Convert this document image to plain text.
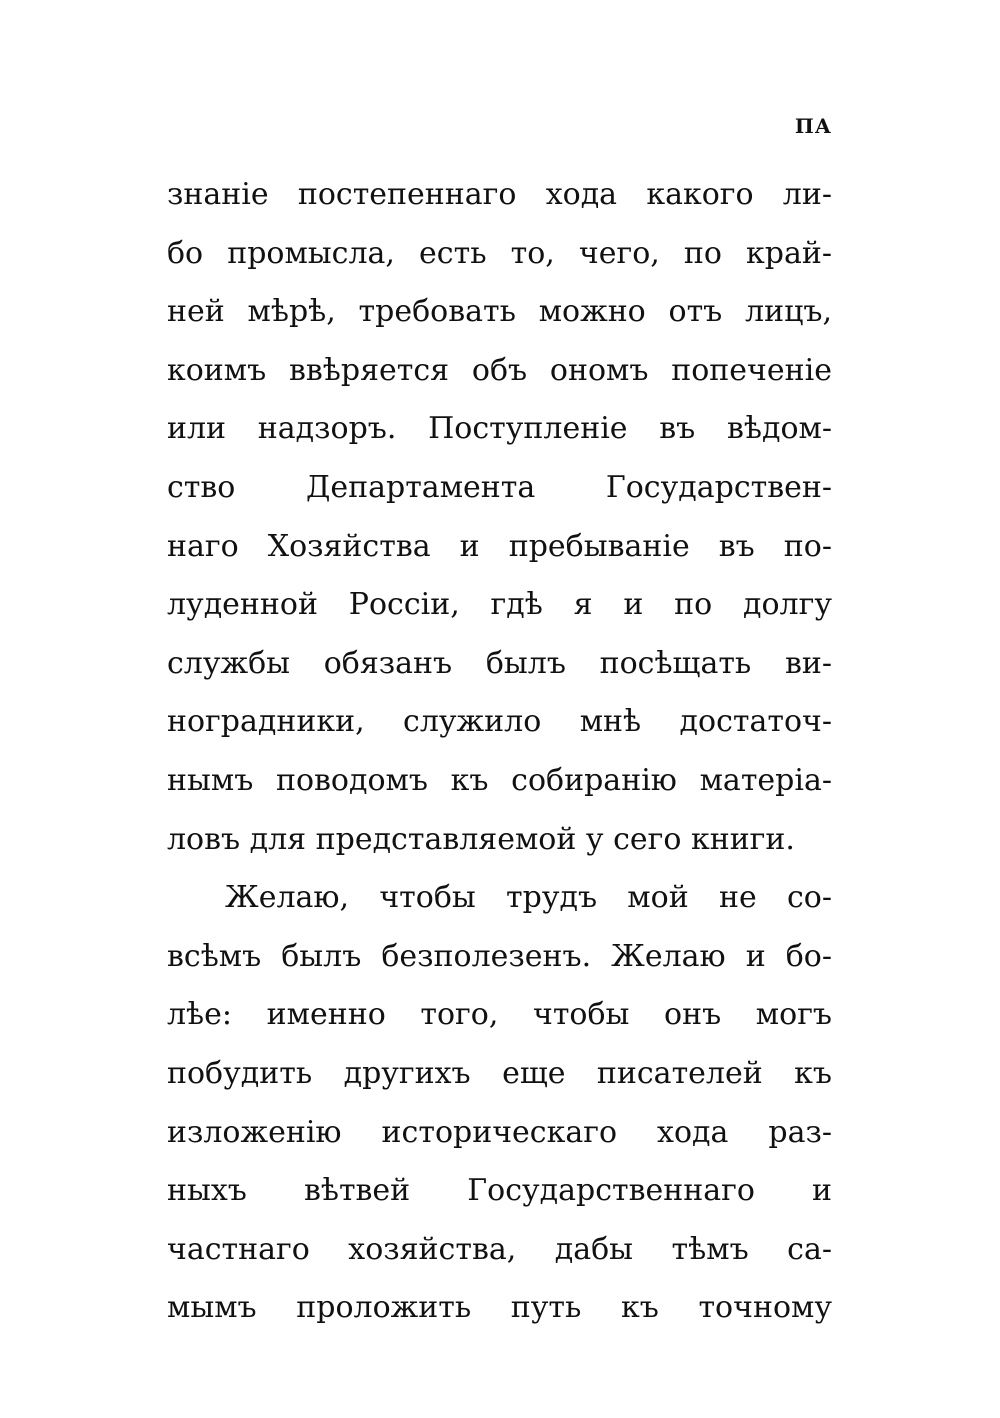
ПА
знаніе постепеннаго хода какого ли-
бо промысла, есть то, чего, по край-
ней мѣрѣ, требовать можно отъ лицъ,
коимъ ввѣряется объ ономъ попеченіе
или надзоръ. Поступленіе въ вѣдом-
ство Департамента Государствен-
наго Хозяйства и пребываніе въ по-
луденной Россіи, гдѣ я и по долгу
службы обязанъ былъ посѣщать ви-
ноградники, служило мнѣ достаточ-
нымъ поводомъ къ собиранію матеріа-
ловъ для представляемой у сего книги.
Желаю, чтобы трудъ мой не со-
всѣмъ былъ безполезенъ. Желаю и бо-
лѣе: именно того, чтобы онъ могъ
побудить другихъ еще писателей къ
изложенію историческаго хода раз-
ныхъ вѣтвей Государственнаго и
частнаго хозяйства, дабы тѣмъ са-
мымъ проложить путь къ точному
